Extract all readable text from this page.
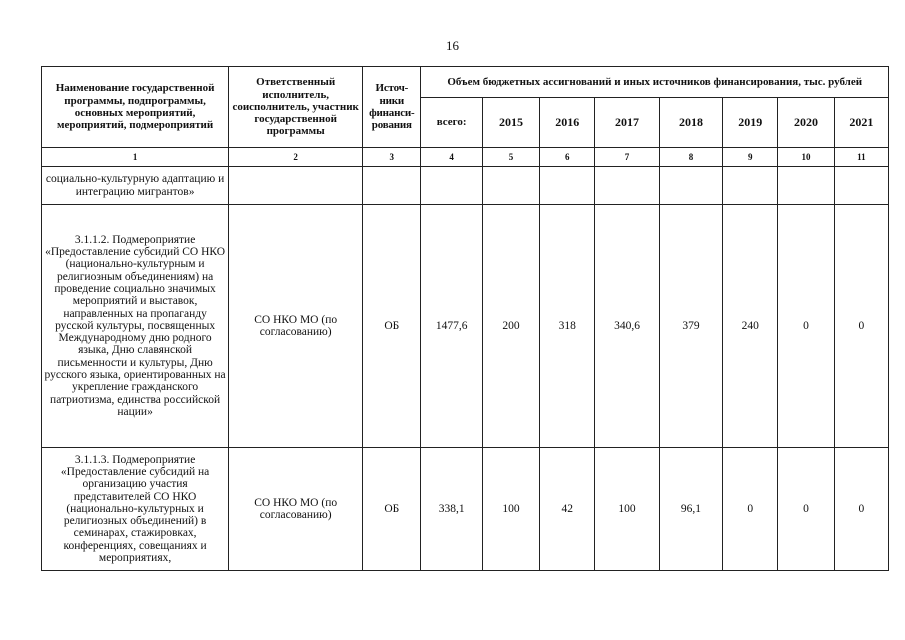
16
Наименование государственной программы, подпрограммы, основных мероприятий, мероприятий, подмероприятий	Ответственный исполнитель, соисполнитель, участник государственной программы	Источ-ники финанси-рования	Объем бюджетных ассигнований и иных источников финансирования, тыс. рублей							
			всего:	2015	2016	2017	2018	2019	2020	2021
1	2	3	4	5	6	7	8	9	10	11
социально-культурную адаптацию и интеграцию мигрантов»										
3.1.1.2. Подмероприятие «Предоставление субсидий СО НКО (национально-культурным и религиозным объединениям) на проведение социально значимых мероприятий и выставок, направленных на пропаганду русской культуры, посвященных Международному дню родного языка, Дню славянской письменности и культуры, Дню русского языка, ориентированных на укрепление гражданского патриотизма, единства российской нации»	СО НКО МО (по согласованию)	ОБ	1477,6	200	318	340,6	379	240	0	0
3.1.1.3. Подмероприятие «Предоставление субсидий на организацию участия представителей СО НКО (национально-культурных и религиозных объединений) в семинарах, стажировках, конференциях, совещаниях и мероприятиях,	СО НКО МО (по согласованию)	ОБ	338,1	100	42	100	96,1	0	0	0
